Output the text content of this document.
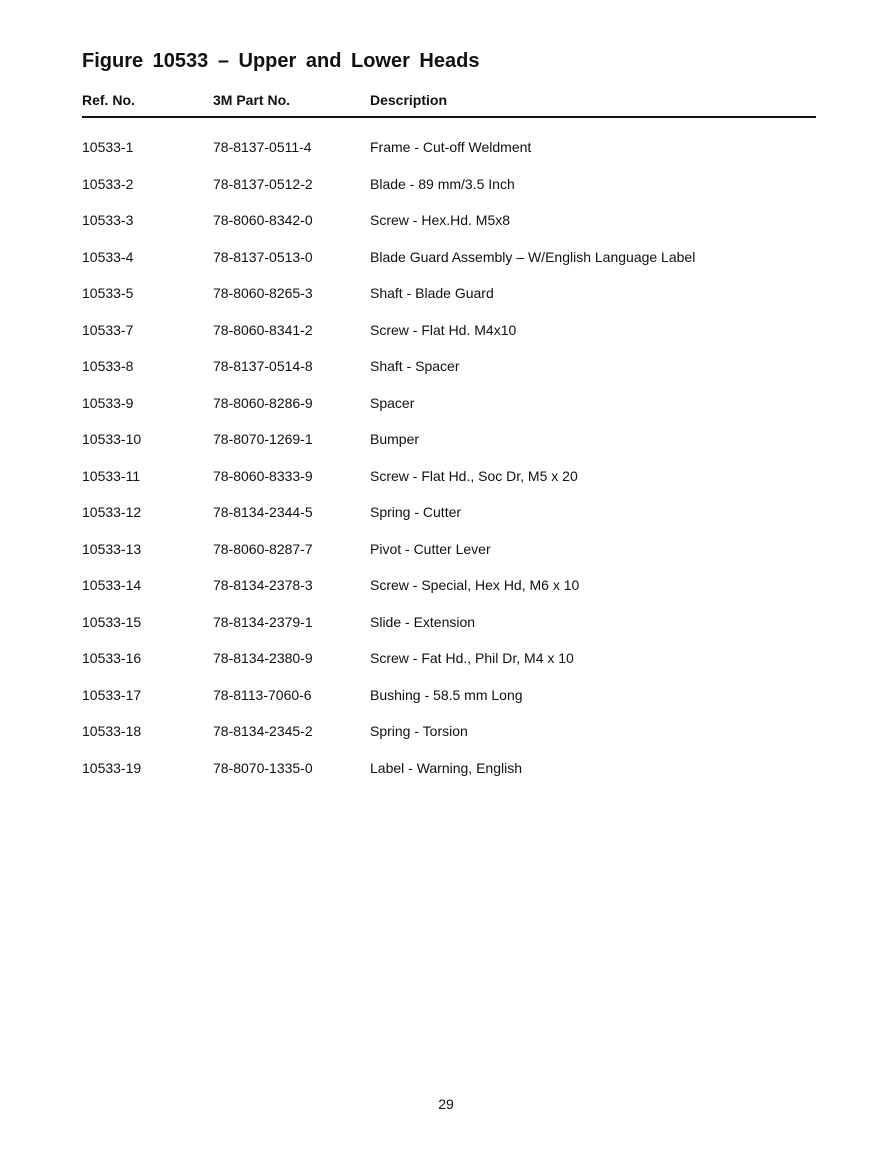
Figure 10533 – Upper and Lower Heads
Ref. No.	3M Part No.	Description
10533-1	78-8137-0511-4	Frame - Cut-off Weldment
10533-2	78-8137-0512-2	Blade - 89 mm/3.5 Inch
10533-3	78-8060-8342-0	Screw - Hex.Hd. M5x8
10533-4	78-8137-0513-0	Blade Guard Assembly – W/English Language Label
10533-5	78-8060-8265-3	Shaft - Blade Guard
10533-7	78-8060-8341-2	Screw - Flat Hd. M4x10
10533-8	78-8137-0514-8	Shaft - Spacer
10533-9	78-8060-8286-9	Spacer
10533-10	78-8070-1269-1	Bumper
10533-11	78-8060-8333-9	Screw - Flat Hd., Soc Dr, M5 x 20
10533-12	78-8134-2344-5	Spring - Cutter
10533-13	78-8060-8287-7	Pivot - Cutter Lever
10533-14	78-8134-2378-3	Screw - Special, Hex Hd, M6 x 10
10533-15	78-8134-2379-1	Slide - Extension
10533-16	78-8134-2380-9	Screw - Fat Hd., Phil Dr, M4 x 10
10533-17	78-8113-7060-6	Bushing - 58.5 mm Long
10533-18	78-8134-2345-2	Spring - Torsion
10533-19	78-8070-1335-0	Label - Warning, English
29
